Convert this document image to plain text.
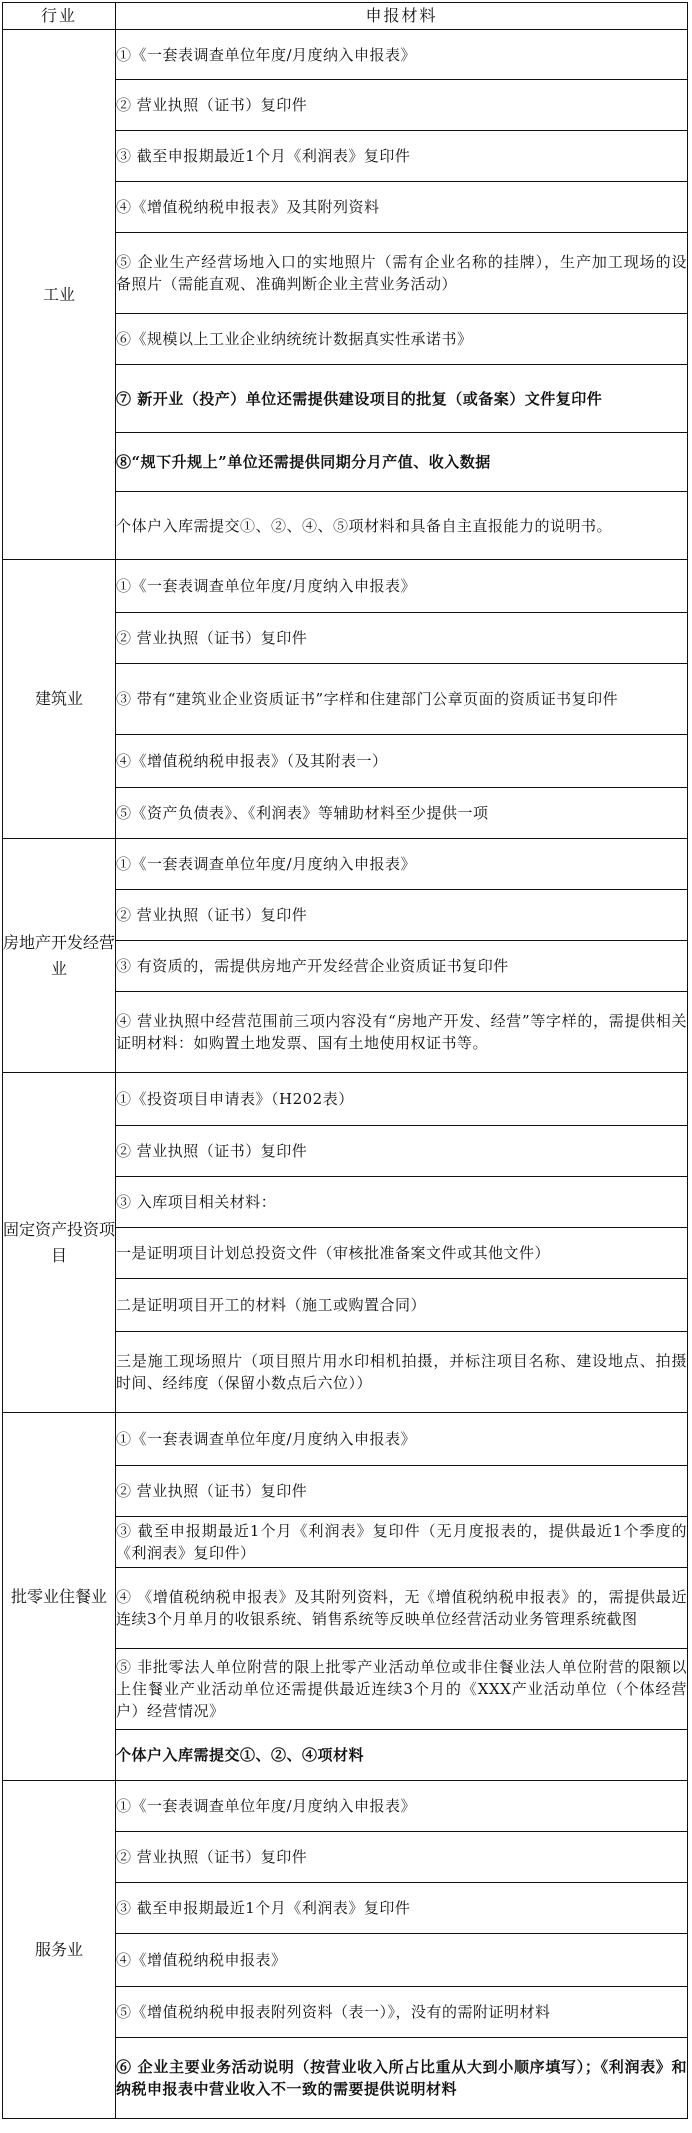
行业	申报材料
工业	①《一套表调查单位年度/月度纳入申报表》
	② 营业执照（证书）复印件
	③ 截至申报期最近1个月《利润表》复印件
	④《增值税纳税申报表》及其附列资料
	⑤ 企业生产经营场地入口的实地照片（需有企业名称的挂牌），生产加工现场的设备照片（需能直观、准确判断企业主营业务活动）
	⑥《规模以上工业企业纳统统计数据真实性承诺书》
	⑦ 新开业（投产）单位还需提供建设项目的批复（或备案）文件复印件
	⑧“规下升规上”单位还需提供同期分月产值、收入数据
	个体户入库需提交①、②、④、⑤项材料和具备自主直报能力的说明书。
建筑业	①《一套表调查单位年度/月度纳入申报表》
	② 营业执照（证书）复印件
	③ 带有“建筑业企业资质证书”字样和住建部门公章页面的资质证书复印件
	④《增值税纳税申报表》（及其附表一）
	⑤《资产负债表》、《利润表》等辅助材料至少提供一项
房地产开发经营业	①《一套表调查单位年度/月度纳入申报表》
	② 营业执照（证书）复印件
	③ 有资质的，需提供房地产开发经营企业资质证书复印件
	④ 营业执照中经营范围前三项内容没有“房地产开发、经营”等字样的，需提供相关证明材料：如购置土地发票、国有土地使用权证书等。
固定资产投资项目	①《投资项目申请表》（H202表）
	② 营业执照（证书）复印件
	③ 入库项目相关材料：
	一是证明项目计划总投资文件（审核批准备案文件或其他文件）
	二是证明项目开工的材料（施工或购置合同）
	三是施工现场照片（项目照片用水印相机拍摄，并标注项目名称、建设地点、拍摄时间、经纬度（保留小数点后六位））
批零业住餐业	①《一套表调查单位年度/月度纳入申报表》
	② 营业执照（证书）复印件
	③ 截至申报期最近1个月《利润表》复印件（无月度报表的，提供最近1个季度的《利润表》复印件）
	④ 《增值税纳税申报表》及其附列资料，无《增值税纳税申报表》的，需提供最近连续3个月单月的收银系统、销售系统等反映单位经营活动业务管理系统截图
	⑤ 非批零法人单位附营的限上批零产业活动单位或非住餐业法人单位附营的限额以上住餐业产业活动单位还需提供最近连续3个月的《XXX产业活动单位（个体经营户）经营情况》
	个体户入库需提交①、②、④项材料
服务业	①《一套表调查单位年度/月度纳入申报表》
	② 营业执照（证书）复印件
	③ 截至申报期最近1个月《利润表》复印件
	④《增值税纳税申报表》
	⑤《增值税纳税申报表附列资料（表一）》，没有的需附证明材料
	⑥ 企业主要业务活动说明（按营业收入所占比重从大到小顺序填写）；《利润表》和纳税申报表中营业收入不一致的需要提供说明材料
